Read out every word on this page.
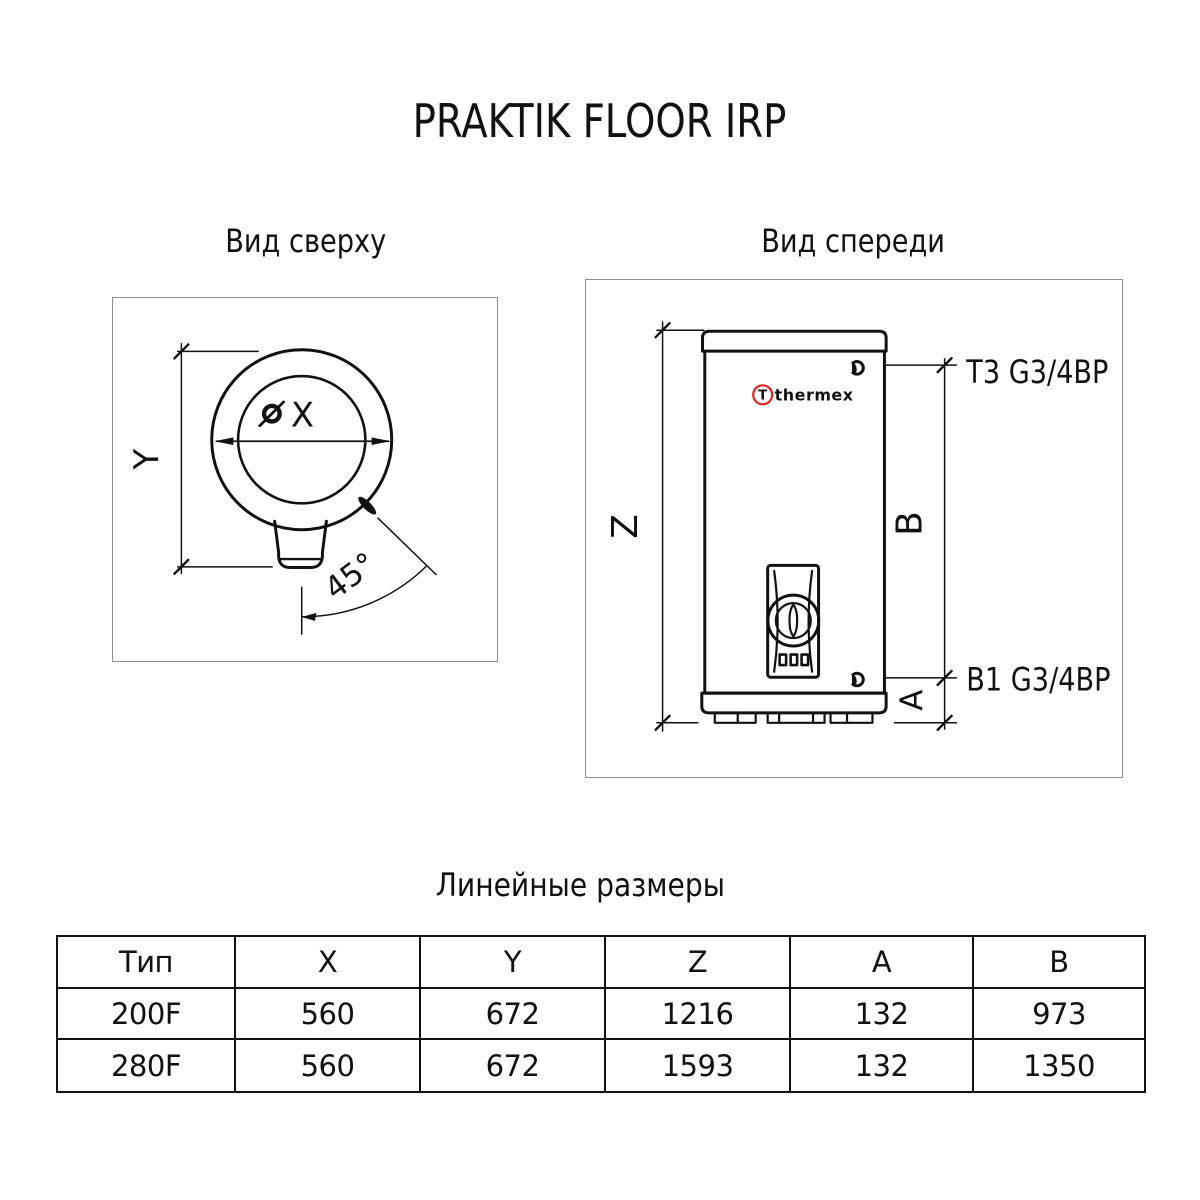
PRAKTIK FLOOR IRP
Вид сверху	Вид спереди
X
Y
45°
T thermex
Z	B
A
T3 G3/4ВР
B1 G3/4ВР
Линейные размеры
Тип	X	Y	Z	A	B
200F	560	672	1216	132	973
280F	560	672	1593	132	1350
